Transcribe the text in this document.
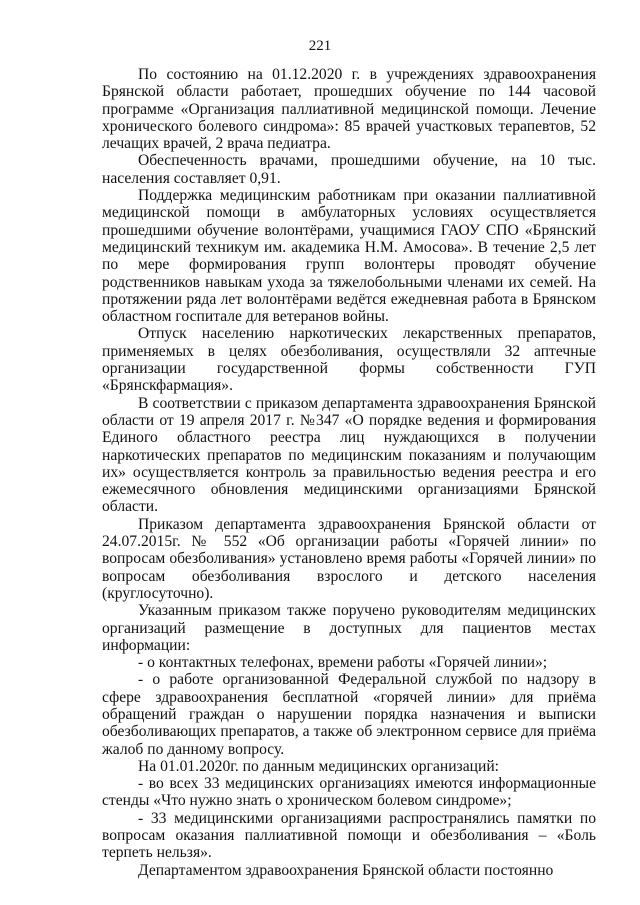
221

По состоянию на 01.12.2020 г. в учреждениях здравоохранения Брянской области работает, прошедших обучение по 144 часовой программе «Организация паллиативной медицинской помощи. Лечение хронического болевого синдрома»: 85 врачей участковых терапевтов, 52 лечащих врачей, 2 врача педиатра.

Обеспеченность врачами, прошедшими обучение, на 10 тыс. населения составляет 0,91.

Поддержка медицинским работникам при оказании паллиативной медицинской помощи в амбулаторных условиях осуществляется прошедшими обучение волонтёрами, учащимися ГАОУ СПО «Брянский медицинский техникум им. академика Н.М. Амосова». В течение 2,5 лет по мере формирования групп волонтеры проводят обучение родственников навыкам ухода за тяжелобольными членами их семей. На протяжении ряда лет волонтёрами ведётся ежедневная работа в Брянском областном госпитале для ветеранов войны.

Отпуск населению наркотических лекарственных препаратов, применяемых в целях обезболивания, осуществляли 32 аптечные организации государственной формы собственности ГУП «Брянскфармация».

В соответствии с приказом департамента здравоохранения Брянской области от 19 апреля 2017 г. №347 «О порядке ведения и формирования Единого областного реестра лиц нуждающихся в получении наркотических препаратов по медицинским показаниям и получающим их» осуществляется контроль за правильностью ведения реестра и его ежемесячного обновления медицинскими организациями Брянской области.

Приказом департамента здравоохранения Брянской области от 24.07.2015г. № 552 «Об организации работы «Горячей линии» по вопросам обезболивания» установлено время работы «Горячей линии» по вопросам обезболивания взрослого и детского населения (круглосуточно).

Указанным приказом также поручено руководителям медицинских организаций размещение в доступных для пациентов местах информации:

- о контактных телефонах, времени работы «Горячей линии»;

- о работе организованной Федеральной службой по надзору в сфере здравоохранения бесплатной «горячей линии» для приёма обращений граждан о нарушении порядка назначения и выписки обезболивающих препаратов, а также об электронном сервисе для приёма жалоб по данному вопросу.

На 01.01.2020г. по данным медицинских организаций:

- во всех 33 медицинских организациях имеются информационные стенды «Что нужно знать о хроническом болевом синдроме»;

- 33 медицинскими организациями распространялись памятки по вопросам оказания паллиативной помощи и обезболивания – «Боль терпеть нельзя».

Департаментом здравоохранения Брянской области постоянно
